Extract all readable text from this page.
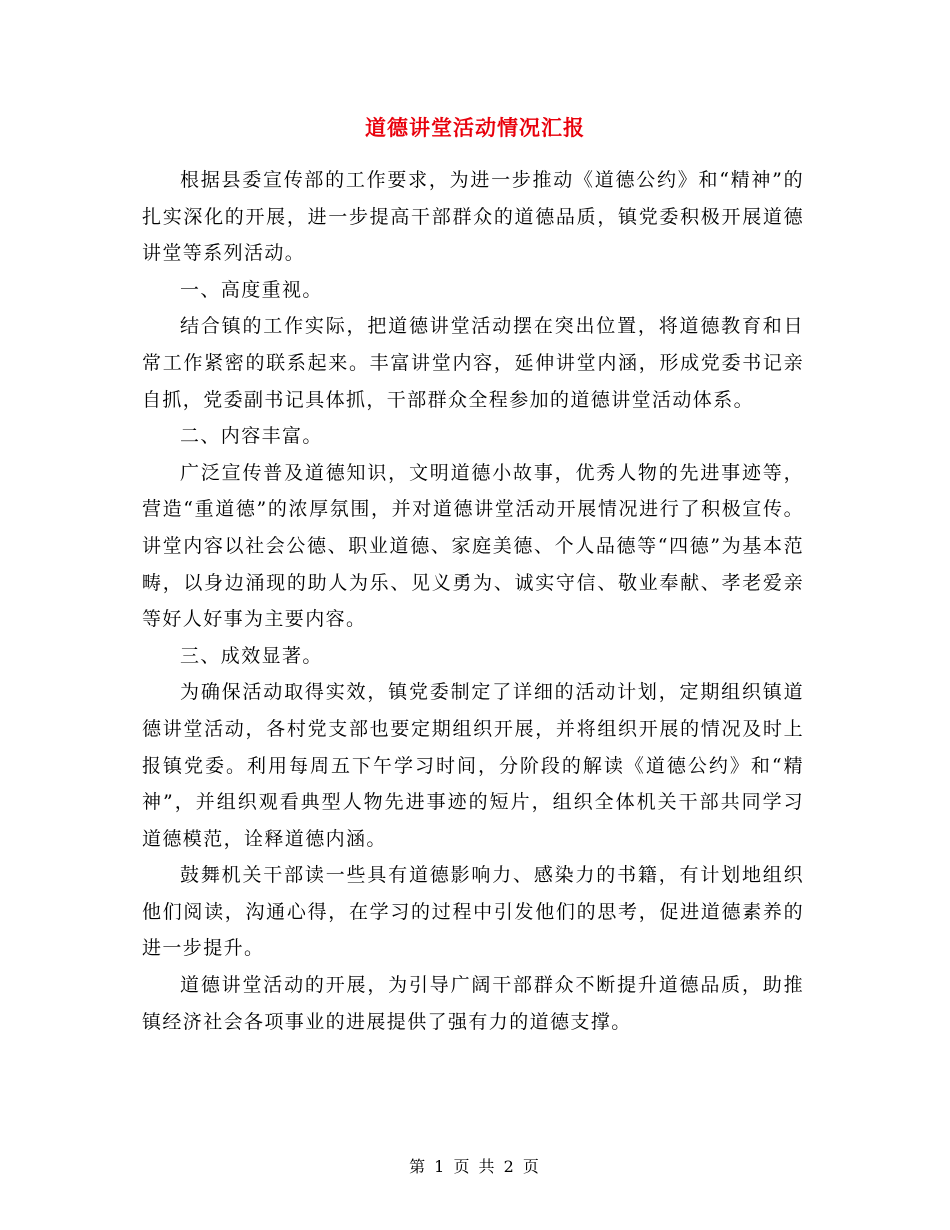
道德讲堂活动情况汇报

根据县委宣传部的工作要求，为进一步推动《道德公约》和“精神”的扎实深化的开展，进一步提高干部群众的道德品质，镇党委积极开展道德讲堂等系列活动。

一、高度重视。

结合镇的工作实际，把道德讲堂活动摆在突出位置，将道德教育和日常工作紧密的联系起来。丰富讲堂内容，延伸讲堂内涵，形成党委书记亲自抓，党委副书记具体抓，干部群众全程参加的道德讲堂活动体系。

二、内容丰富。

广泛宣传普及道德知识，文明道德小故事，优秀人物的先进事迹等，营造“重道德”的浓厚氛围，并对道德讲堂活动开展情况进行了积极宣传。讲堂内容以社会公德、职业道德、家庭美德、个人品德等“四德”为基本范畴，以身边涌现的助人为乐、见义勇为、诚实守信、敬业奉献、孝老爱亲等好人好事为主要内容。

三、成效显著。

为确保活动取得实效，镇党委制定了详细的活动计划，定期组织镇道德讲堂活动，各村党支部也要定期组织开展，并将组织开展的情况及时上报镇党委。利用每周五下午学习时间，分阶段的解读《道德公约》和“精神”，并组织观看典型人物先进事迹的短片，组织全体机关干部共同学习道德模范，诠释道德内涵。

鼓舞机关干部读一些具有道德影响力、感染力的书籍，有计划地组织他们阅读，沟通心得，在学习的过程中引发他们的思考，促进道德素养的进一步提升。

道德讲堂活动的开展，为引导广阔干部群众不断提升道德品质，助推镇经济社会各项事业的进展提供了强有力的道德支撑。

第 1 页 共 2 页
